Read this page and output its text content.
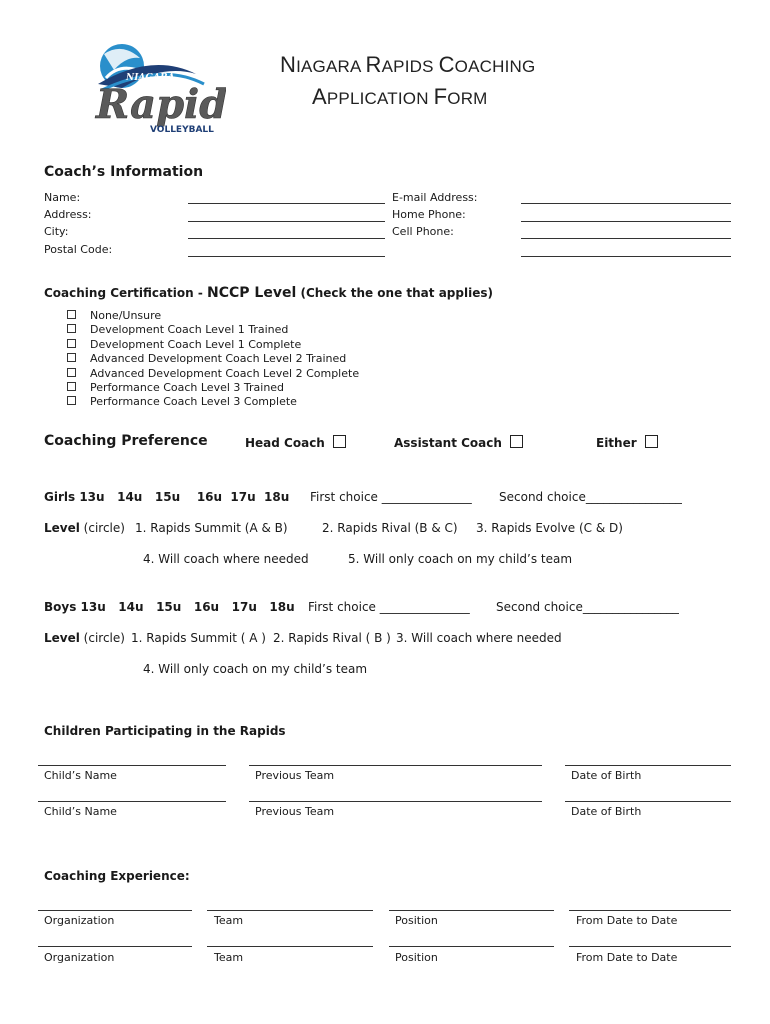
NIAGARA
Rapid
VOLLEYBALL
NIAGARA RAPIDS COACHING
APPLICATION FORM
Coach’s Information
Name:
Address:
City:
Postal Code:
E-mail Address:
Home Phone:
Cell Phone:
Coaching Certification - NCCP Level (Check the one that applies)
None/Unsure
Development Coach Level 1 Trained
Development Coach Level 1 Complete
Advanced Development Coach Level 2 Trained
Advanced Development Coach Level 2 Complete
Performance Coach Level 3 Trained
Performance Coach Level 3 Complete
Coaching Preference	Head Coach	Assistant Coach	Either
Girls 13u   14u   15u    16u  17u  18u First choice _______________ Second choice________________
Level (circle) 1. Rapids Summit (A & B)	2. Rapids Rival (B & C) 3. Rapids Evolve (C & D)
4. Will coach where needed	5. Will only coach on my child’s team
Boys 13u   14u   15u   16u   17u   18u First choice _______________ Second choice________________
Level (circle) 1. Rapids Summit ( A ) 2. Rapids Rival ( B ) 3. Will coach where needed
4. Will only coach on my child’s team
Children Participating in the Rapids
Child’s Name	Previous Team	Date of Birth
Child’s Name	Previous Team	Date of Birth
Coaching Experience:
Organization	Team	Position	From Date to Date
Organization	Team	Position	From Date to Date
